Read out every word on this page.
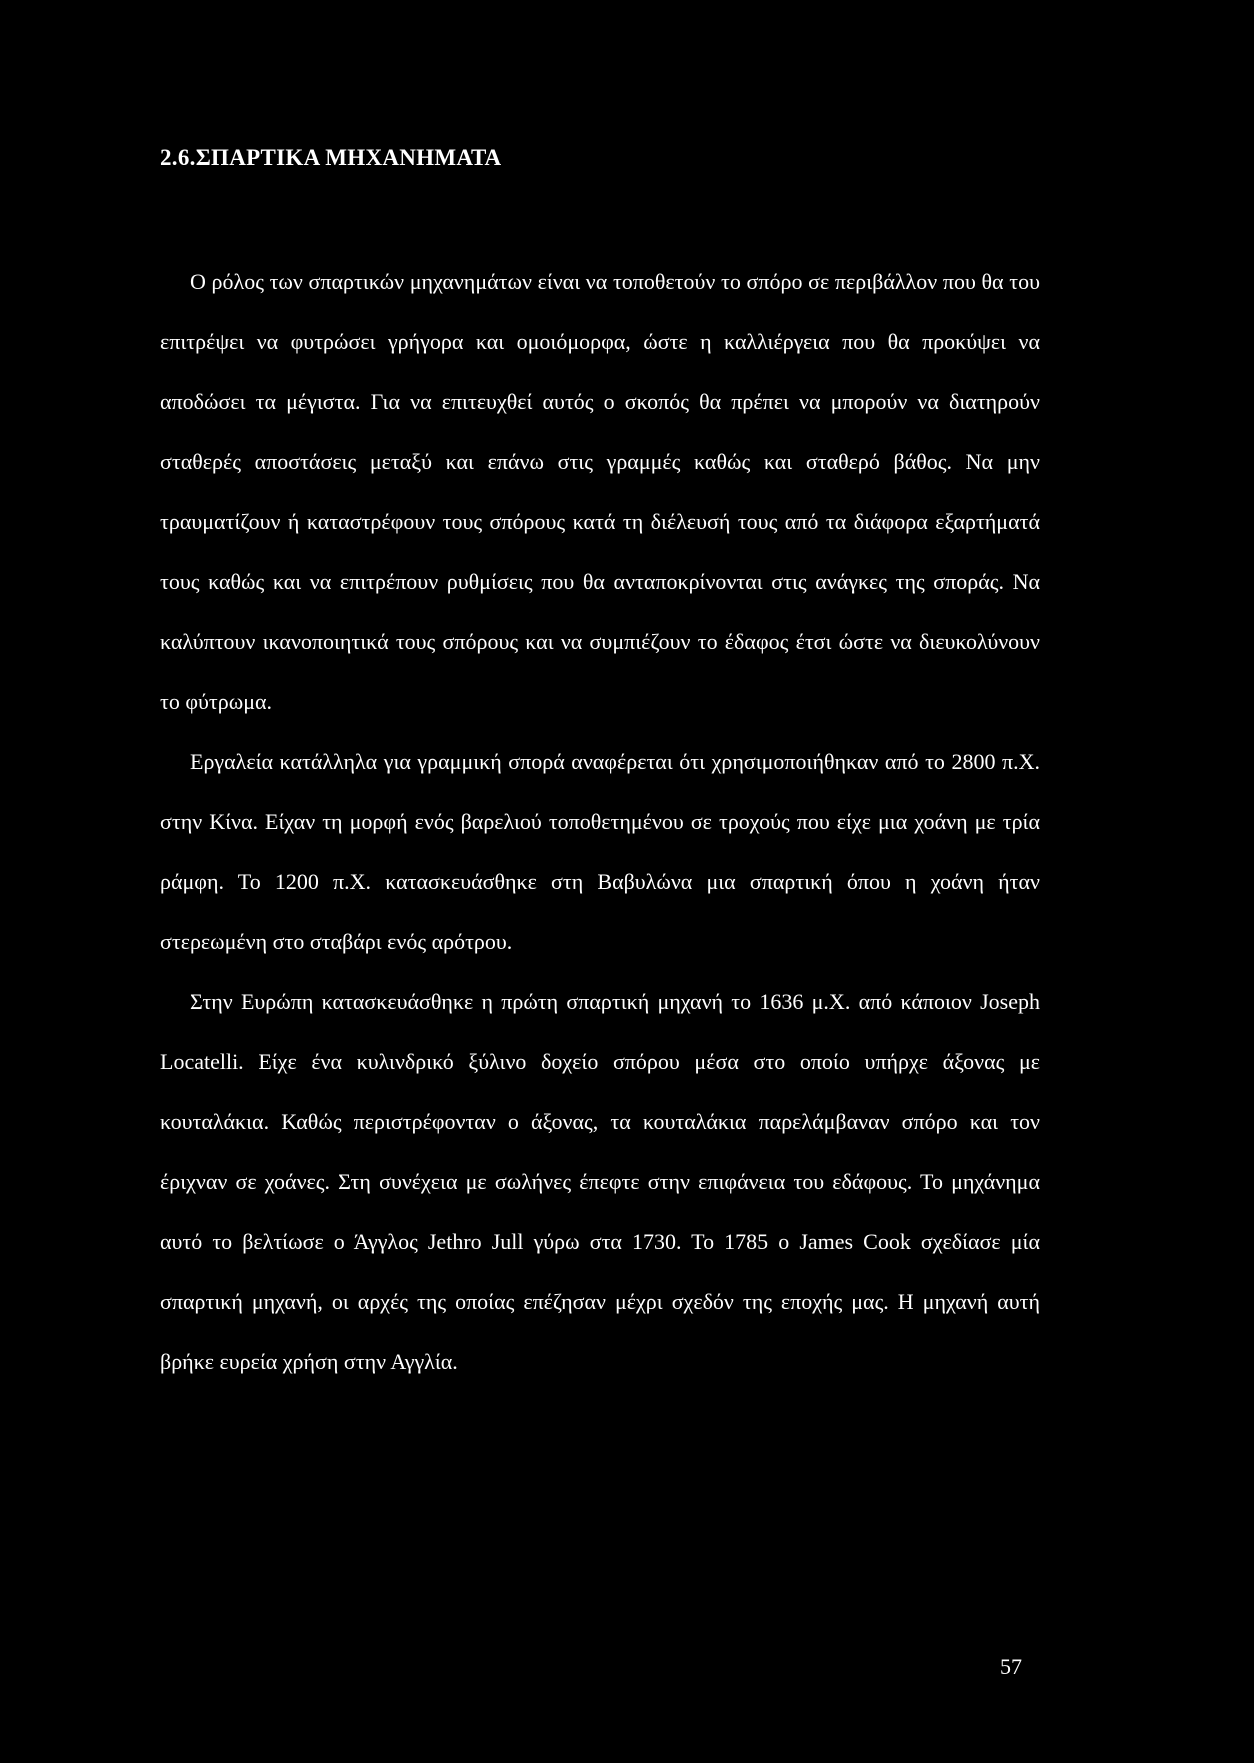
2.6.ΣΠΑΡΤΙΚΑ ΜΗΧΑΝΗΜΑΤΑ

Ο ρόλος των σπαρτικών μηχανημάτων είναι να τοποθετούν το σπόρο σε περιβάλλον που θα του επιτρέψει να φυτρώσει γρήγορα και ομοιόμορφα, ώστε η καλλιέργεια που θα προκύψει να αποδώσει τα μέγιστα. Για να επιτευχθεί αυτός ο σκοπός θα πρέπει να μπορούν να διατηρούν σταθερές αποστάσεις μεταξύ και επάνω στις γραμμές καθώς και σταθερό βάθος. Να μην τραυματίζουν ή καταστρέφουν τους σπόρους κατά τη διέλευσή τους από τα διάφορα εξαρτήματά τους καθώς και να επιτρέπουν ρυθμίσεις που θα ανταποκρίνονται στις ανάγκες της σποράς. Να καλύπτουν ικανοποιητικά τους σπόρους και να συμπιέζουν το έδαφος έτσι ώστε να διευκολύνουν το φύτρωμα.

Εργαλεία κατάλληλα για γραμμική σπορά αναφέρεται ότι χρησιμοποιήθηκαν από το 2800 π.Χ. στην Κίνα. Είχαν τη μορφή ενός βαρελιού τοποθετημένου σε τροχούς που είχε μια χοάνη με τρία ράμφη. Το 1200 π.Χ. κατασκευάσθηκε στη Βαβυλώνα μια σπαρτική όπου η χοάνη ήταν στερεωμένη στο σταβάρι ενός αρότρου.

Στην Ευρώπη κατασκευάσθηκε η πρώτη σπαρτική μηχανή το 1636 μ.Χ. από κάποιον Joseph Locatelli. Είχε ένα κυλινδρικό ξύλινο δοχείο σπόρου μέσα στο οποίο υπήρχε άξονας με κουταλάκια. Καθώς περιστρέφονταν ο άξονας, τα κουταλάκια παρελάμβαναν σπόρο και τον έριχναν σε χοάνες. Στη συνέχεια με σωλήνες έπεφτε στην επιφάνεια του εδάφους. Το μηχάνημα αυτό το βελτίωσε ο Άγγλος Jethro Jull γύρω στα 1730. Το 1785 ο James Cook σχεδίασε μία σπαρτική μηχανή, οι αρχές της οποίας επέζησαν μέχρι σχεδόν της εποχής μας. Η μηχανή αυτή βρήκε ευρεία χρήση στην Αγγλία.

57
